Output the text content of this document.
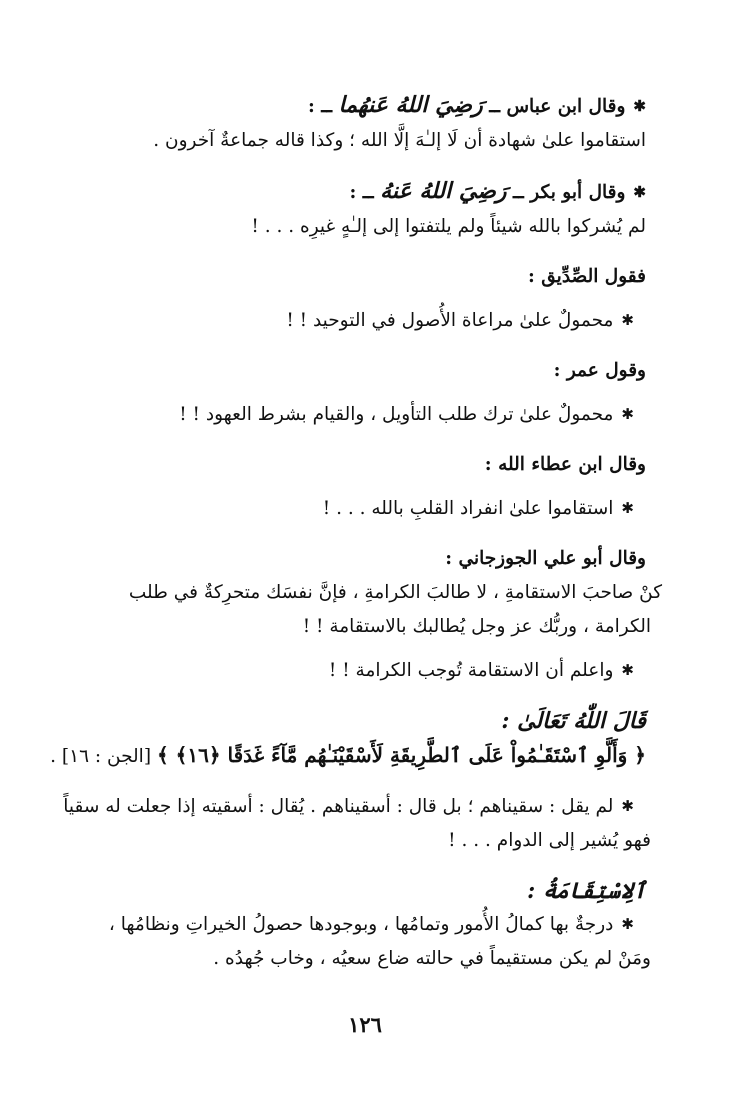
✱وقال ابن عباس ــ رَضِيَ اللهُ عَنهُما ــ :
استقاموا علىٰ شهادة أن لَا إلـٰهَ إلَّا الله ؛ وكذا قاله جماعةٌ آخرون .
✱وقال أبو بكر ــ رَضِيَ اللهُ عَنهُ ــ :
لم يُشركوا بالله شيئاً ولم يلتفتوا إلى إلـٰهٍ غيرِه . . . !
فقول الصِّدِّيق :
✱محمولٌ علىٰ مراعاة الأُصول في التوحيد ! !
وقول عمر :
✱محمولٌ علىٰ ترك طلب التأويل ، والقيام بشرط العهود ! !
وقال ابن عطاء الله :
✱استقاموا علىٰ انفراد القلبِ بالله . . . !
وقال أبو علي الجوزجاني :
كنْ صاحبَ الاستقامةِ ، لا طالبَ الكرامةِ ، فإنَّ نفسَك متحرِكةٌ في طلب
الكرامة ، وربُّك عز وجل يُطالبك بالاستقامة ! !
✱واعلم أن الاستقامة تُوجب الكرامة ! !
قَالَ اللّٰهُ تَعَالَىٰ :
﴿ وَأَلَّوِ ٱسْتَقَـٰمُواْ عَلَى ٱلطَّرِيقَةِ لَأَسْقَيْنَـٰهُم مَّآءً غَدَقًا ﴿١٦﴾ ﴾ [الجن : ١٦] .
✱لم يقل : سقيناهم ؛ بل قال : أسقيناهم . يُقال : أسقيته إذا جعلت له سقياً
فهو يُشير إلى الدوام . . . !
ٱلِاسْتِقَامَةُ :
✱درجةٌ بها كمالُ الأُمور وتمامُها ، وبوجودها حصولُ الخيراتِ ونظامُها ،
ومَنْ لم يكن مستقيماً في حالته ضاع سعيُه ، وخاب جُهدُه .
١٢٦
